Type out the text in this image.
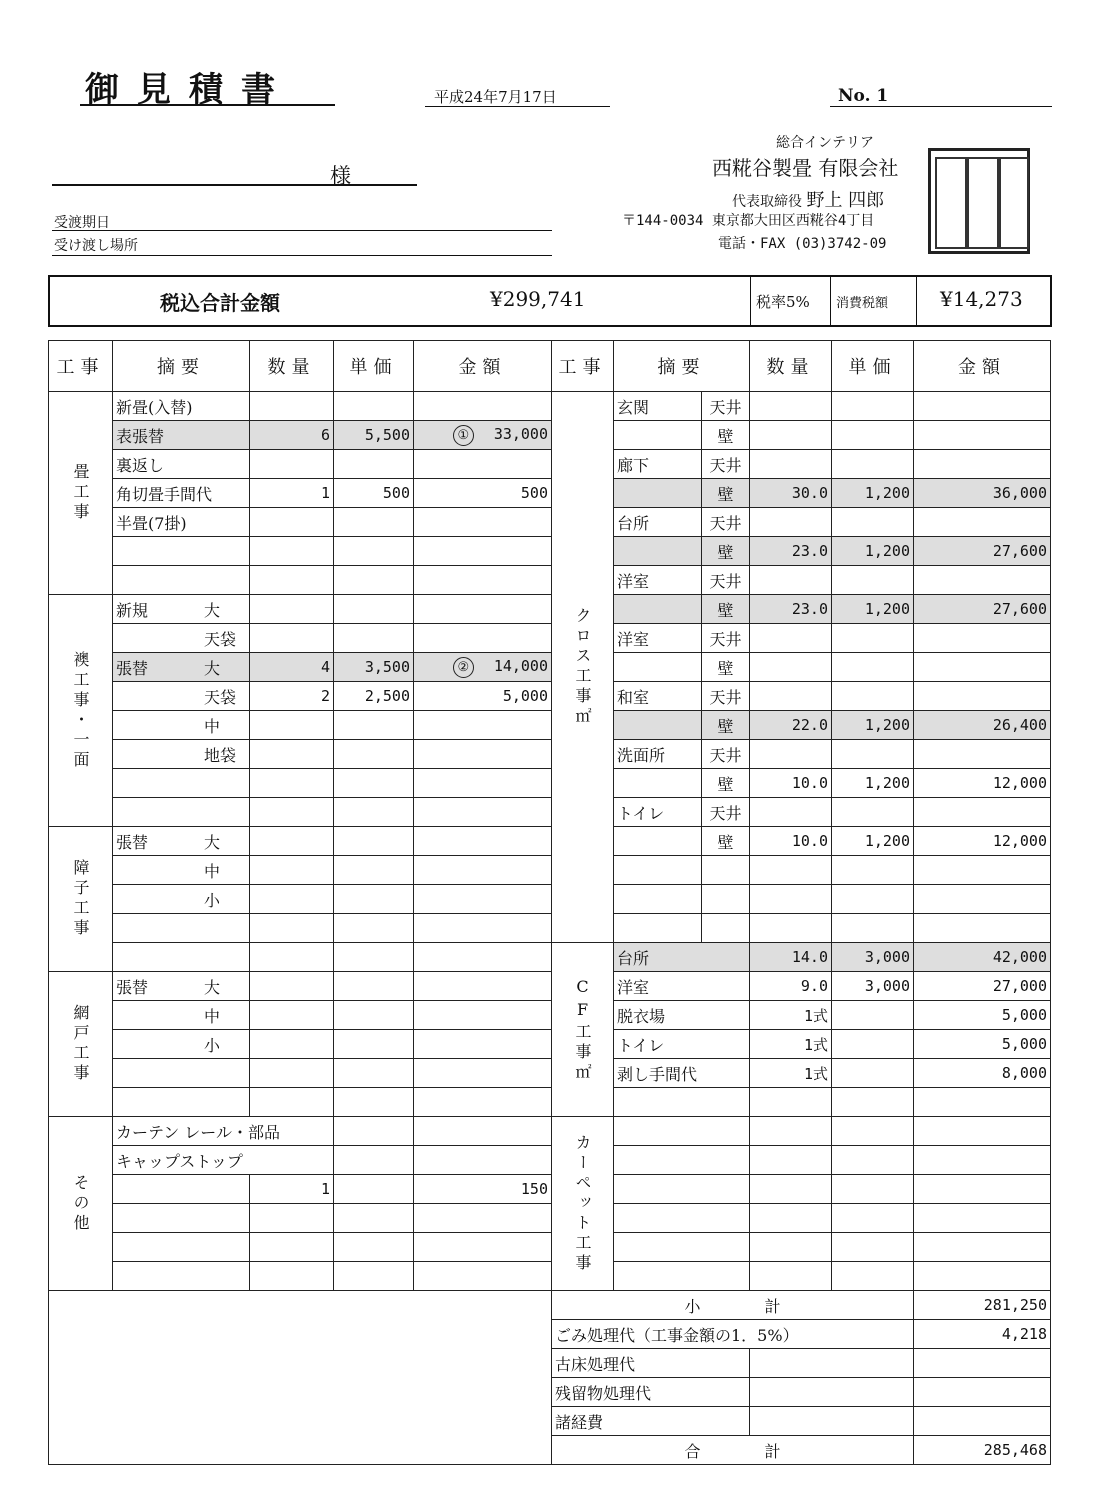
御見積書	平成24年7月17日	No. 1
様
受渡期日
受け渡し場所
総合インテリア
西糀谷製畳 有限会社
代表取締役 野上 四郎
〒144-0034 東京都大田区西糀谷4丁目
電話・FAX (03)3742-09
税込合計金額	¥299,741	税率5% 消費税額	¥14,273
工事	摘要	数量	単価	金額	工事	摘要		数量	単価	金額
畳工事	新畳(入替)				クロス工事㎡	玄関	天井			
	表張替	6	5,500	① 33,000			壁			
	裏返し					廊下	天井			
	角切畳手間代	1	500	500			壁	30.0	1,200	36,000
	半畳(7掛)					台所	天井			
							壁	23.0	1,200	27,600
						洋室	天井			
襖工事・一面	新規 大						壁	23.0	1,200	27,600
	天袋					洋室	天井			
	張替 大	4	3,500	② 14,000			壁			
	天袋	2	2,500	5,000		和室	天井			
	中						壁	22.0	1,200	26,400
	地袋					洗面所	天井			
							壁	10.0	1,200	12,000
						トイレ	天井			
障子工事	張替 大						壁	10.0	1,200	12,000
	中									
	小									

					CF工事㎡	台所		14.0	3,000	42,000
網戸工事	張替 大					洋室		9.0	3,000	27,000
	中					脱衣場		1式		5,000
	小					トイレ		1式		5,000
						剥し手間代		1式		8,000

その他	カーテン レール・部品				カーペット工事					
	キャップストップ									
		1		150						

					小　　　　計					281,250
					ごみ処理代（工事金額の1．5%）					4,218
					古床処理代					
					残留物処理代					
					諸経費					
					合　　　　計					285,468
